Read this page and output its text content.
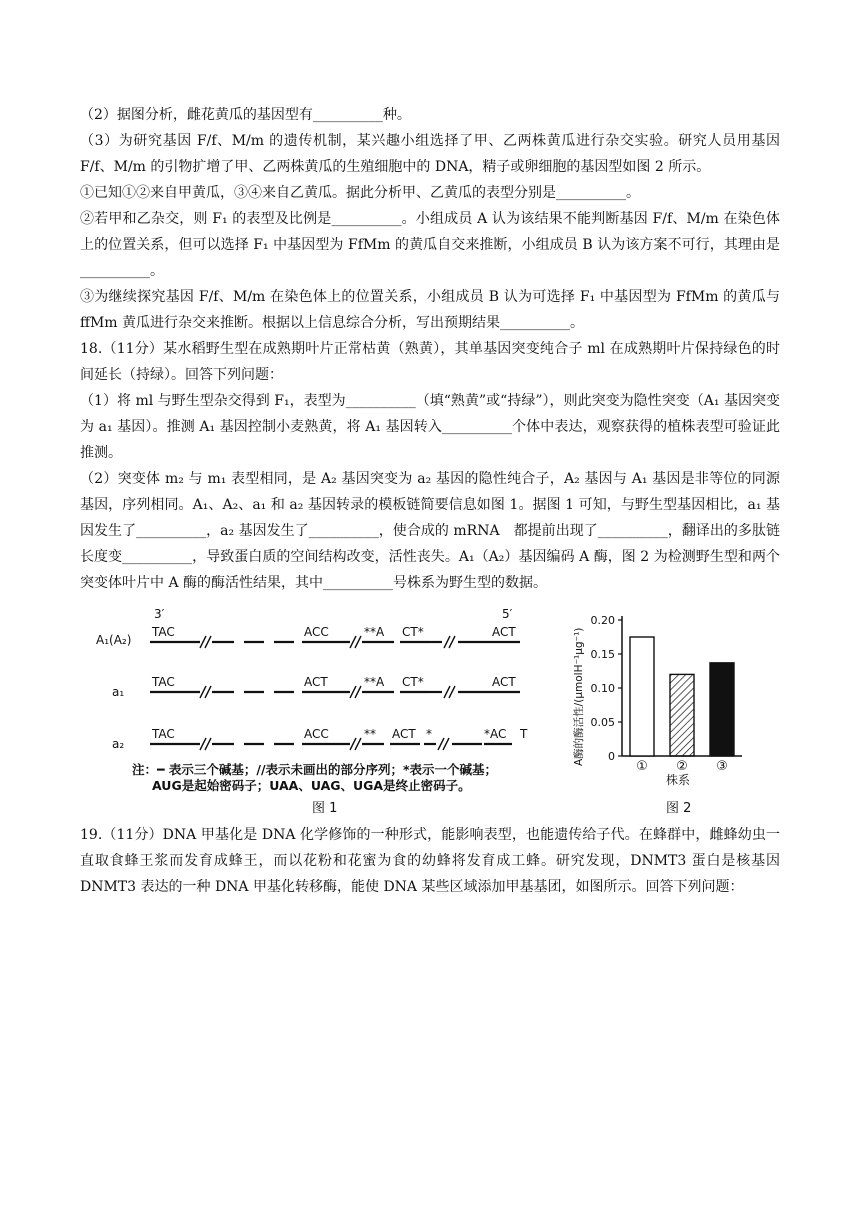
（2）据图分析，雌花黄瓜的基因型有__________种。
（3）为研究基因 F/f、M/m 的遗传机制，某兴趣小组选择了甲、乙两株黄瓜进行杂交实验。研究人员用基因 F/f、M/m 的引物扩增了甲、乙两株黄瓜的生殖细胞中的 DNA，精子或卵细胞的基因型如图 2 所示。
①已知①②来自甲黄瓜，③④来自乙黄瓜。据此分析甲、乙黄瓜的表型分别是__________。
②若甲和乙杂交，则 F₁ 的表型及比例是__________。小组成员 A 认为该结果不能判断基因 F/f、M/m 在染色体上的位置关系，但可以选择 F₁ 中基因型为 FfMm 的黄瓜自交来推断，小组成员 B 认为该方案不可行，其理由是__________。
③为继续探究基因 F/f、M/m 在染色体上的位置关系，小组成员 B 认为可选择 F₁ 中基因型为 FfMm 的黄瓜与 ffMm 黄瓜进行杂交来推断。根据以上信息综合分析，写出预期结果__________。
18.（11分）某水稻野生型在成熟期叶片正常枯黄（熟黄），其单基因突变纯合子 ml 在成熟期叶片保持绿色的时间延长（持绿）。回答下列问题：
（1）将 ml 与野生型杂交得到 F₁，表型为__________（填“熟黄”或“持绿”），则此突变为隐性突变（A₁ 基因突变为 a₁ 基因）。推测 A₁ 基因控制小麦熟黄，将 A₁ 基因转入__________个体中表达，观察获得的植株表型可验证此推测。
（2）突变体 m₂ 与 m₁ 表型相同，是 A₂ 基因突变为 a₂ 基因的隐性纯合子，A₂ 基因与 A₁ 基因是非等位的同源基因，序列相同。A₁、A₂、a₁ 和 a₂ 基因转录的模板链简要信息如图 1。据图 1 可知，与野生型基因相比，a₁ 基因发生了__________，a₂ 基因发生了__________，使合成的 mRNA　都提前出现了__________，翻译出的多肽链长度变__________，导致蛋白质的空间结构改变，活性丧失。A₁（A₂）基因编码 A 酶，图 2 为检测野生型和两个突变体叶片中 A 酶的酶活性结果，其中__________号株系为野生型的数据。
3′	5′
A₁(A₂)
TAC	ACC	**A CT*	ACT
a₁
TAC	ACT	**A CT*	ACT
a₂
TAC	ACC	** ACT *	*AC T
注：━ 表示三个碱基；//表示未画出的部分序列；*表示一个碱基；
AUG是起始密码子；UAA、UAG、UGA是终止密码子。
图 1
A酶的酶活性/(μmolH⁻¹μg⁻¹)
株系
图 2
0
0.05
0.10
0.15
0.20
① ② ③
19.（11分）DNA 甲基化是 DNA 化学修饰的一种形式，能影响表型，也能遗传给子代。在蜂群中，雌蜂幼虫一直取食蜂王浆而发育成蜂王，而以花粉和花蜜为食的幼蜂将发育成工蜂。研究发现，DNMT3 蛋白是核基因 DNMT3 表达的一种 DNA 甲基化转移酶，能使 DNA 某些区域添加甲基基团，如图所示。回答下列问题：
